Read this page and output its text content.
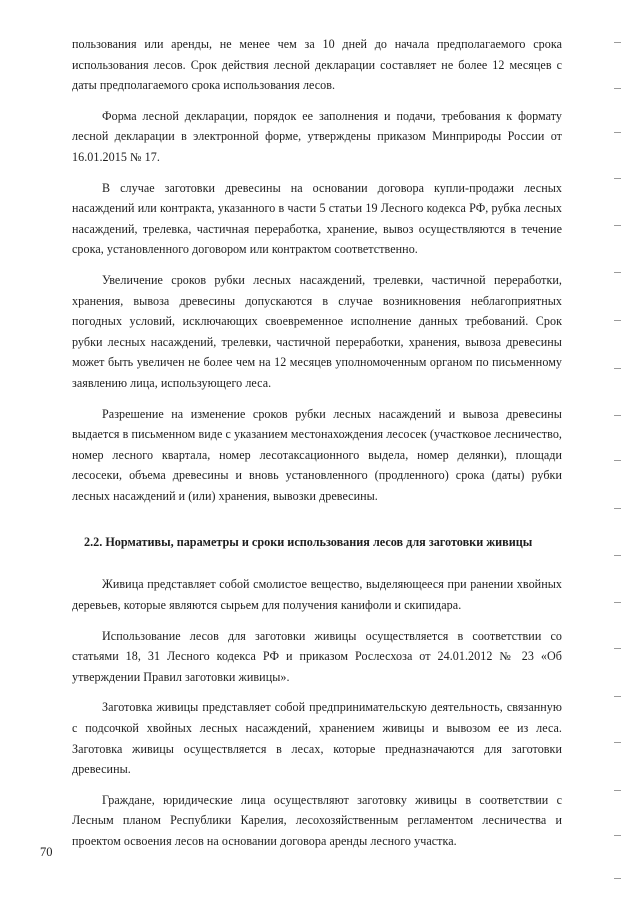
пользования или аренды, не менее чем за 10 дней до начала предполагаемого срока использования лесов. Срок действия лесной декларации составляет не более 12 месяцев с даты предполагаемого срока использования лесов.

Форма лесной декларации, порядок ее заполнения и подачи, требования к формату лесной декларации в электронной форме, утверждены приказом Минприроды России от 16.01.2015 № 17.

В случае заготовки древесины на основании договора купли-продажи лесных насаждений или контракта, указанного в части 5 статьи 19 Лесного кодекса РФ, рубка лесных насаждений, трелевка, частичная переработка, хранение, вывоз осуществляются в течение срока, установленного договором или контрактом соответственно.

Увеличение сроков рубки лесных насаждений, трелевки, частичной переработки, хранения, вывоза древесины допускаются в случае возникновения неблагоприятных погодных условий, исключающих своевременное исполнение данных требований. Срок рубки лесных насаждений, трелевки, частичной переработки, хранения, вывоза древесины может быть увеличен не более чем на 12 месяцев уполномоченным органом по письменному заявлению лица, использующего леса.

Разрешение на изменение сроков рубки лесных насаждений и вывоза древесины выдается в письменном виде с указанием местонахождения лесосек (участковое лесничество, номер лесного квартала, номер лесотаксационного выдела, номер делянки), площади лесосеки, объема древесины и вновь установленного (продленного) срока (даты) рубки лесных насаждений и (или) хранения, вывозки древесины.

2.2. Нормативы, параметры и сроки использования лесов для заготовки живицы

Живица представляет собой смолистое вещество, выделяющееся при ранении хвойных деревьев, которые являются сырьем для получения канифоли и скипидара.

Использование лесов для заготовки живицы осуществляется в соответствии со статьями 18, 31 Лесного кодекса РФ и приказом Рослесхоза от 24.01.2012 № 23 «Об утверждении Правил заготовки живицы».

Заготовка живицы представляет собой предпринимательскую деятельность, связанную с подсочкой хвойных лесных насаждений, хранением живицы и вывозом ее из леса. Заготовка живицы осуществляется в лесах, которые предназначаются для заготовки древесины.

Граждане, юридические лица осуществляют заготовку живицы в соответствии с Лесным планом Республики Карелия, лесохозяйственным регламентом лесничества и проектом освоения лесов на основании договора аренды лесного участка.

70
